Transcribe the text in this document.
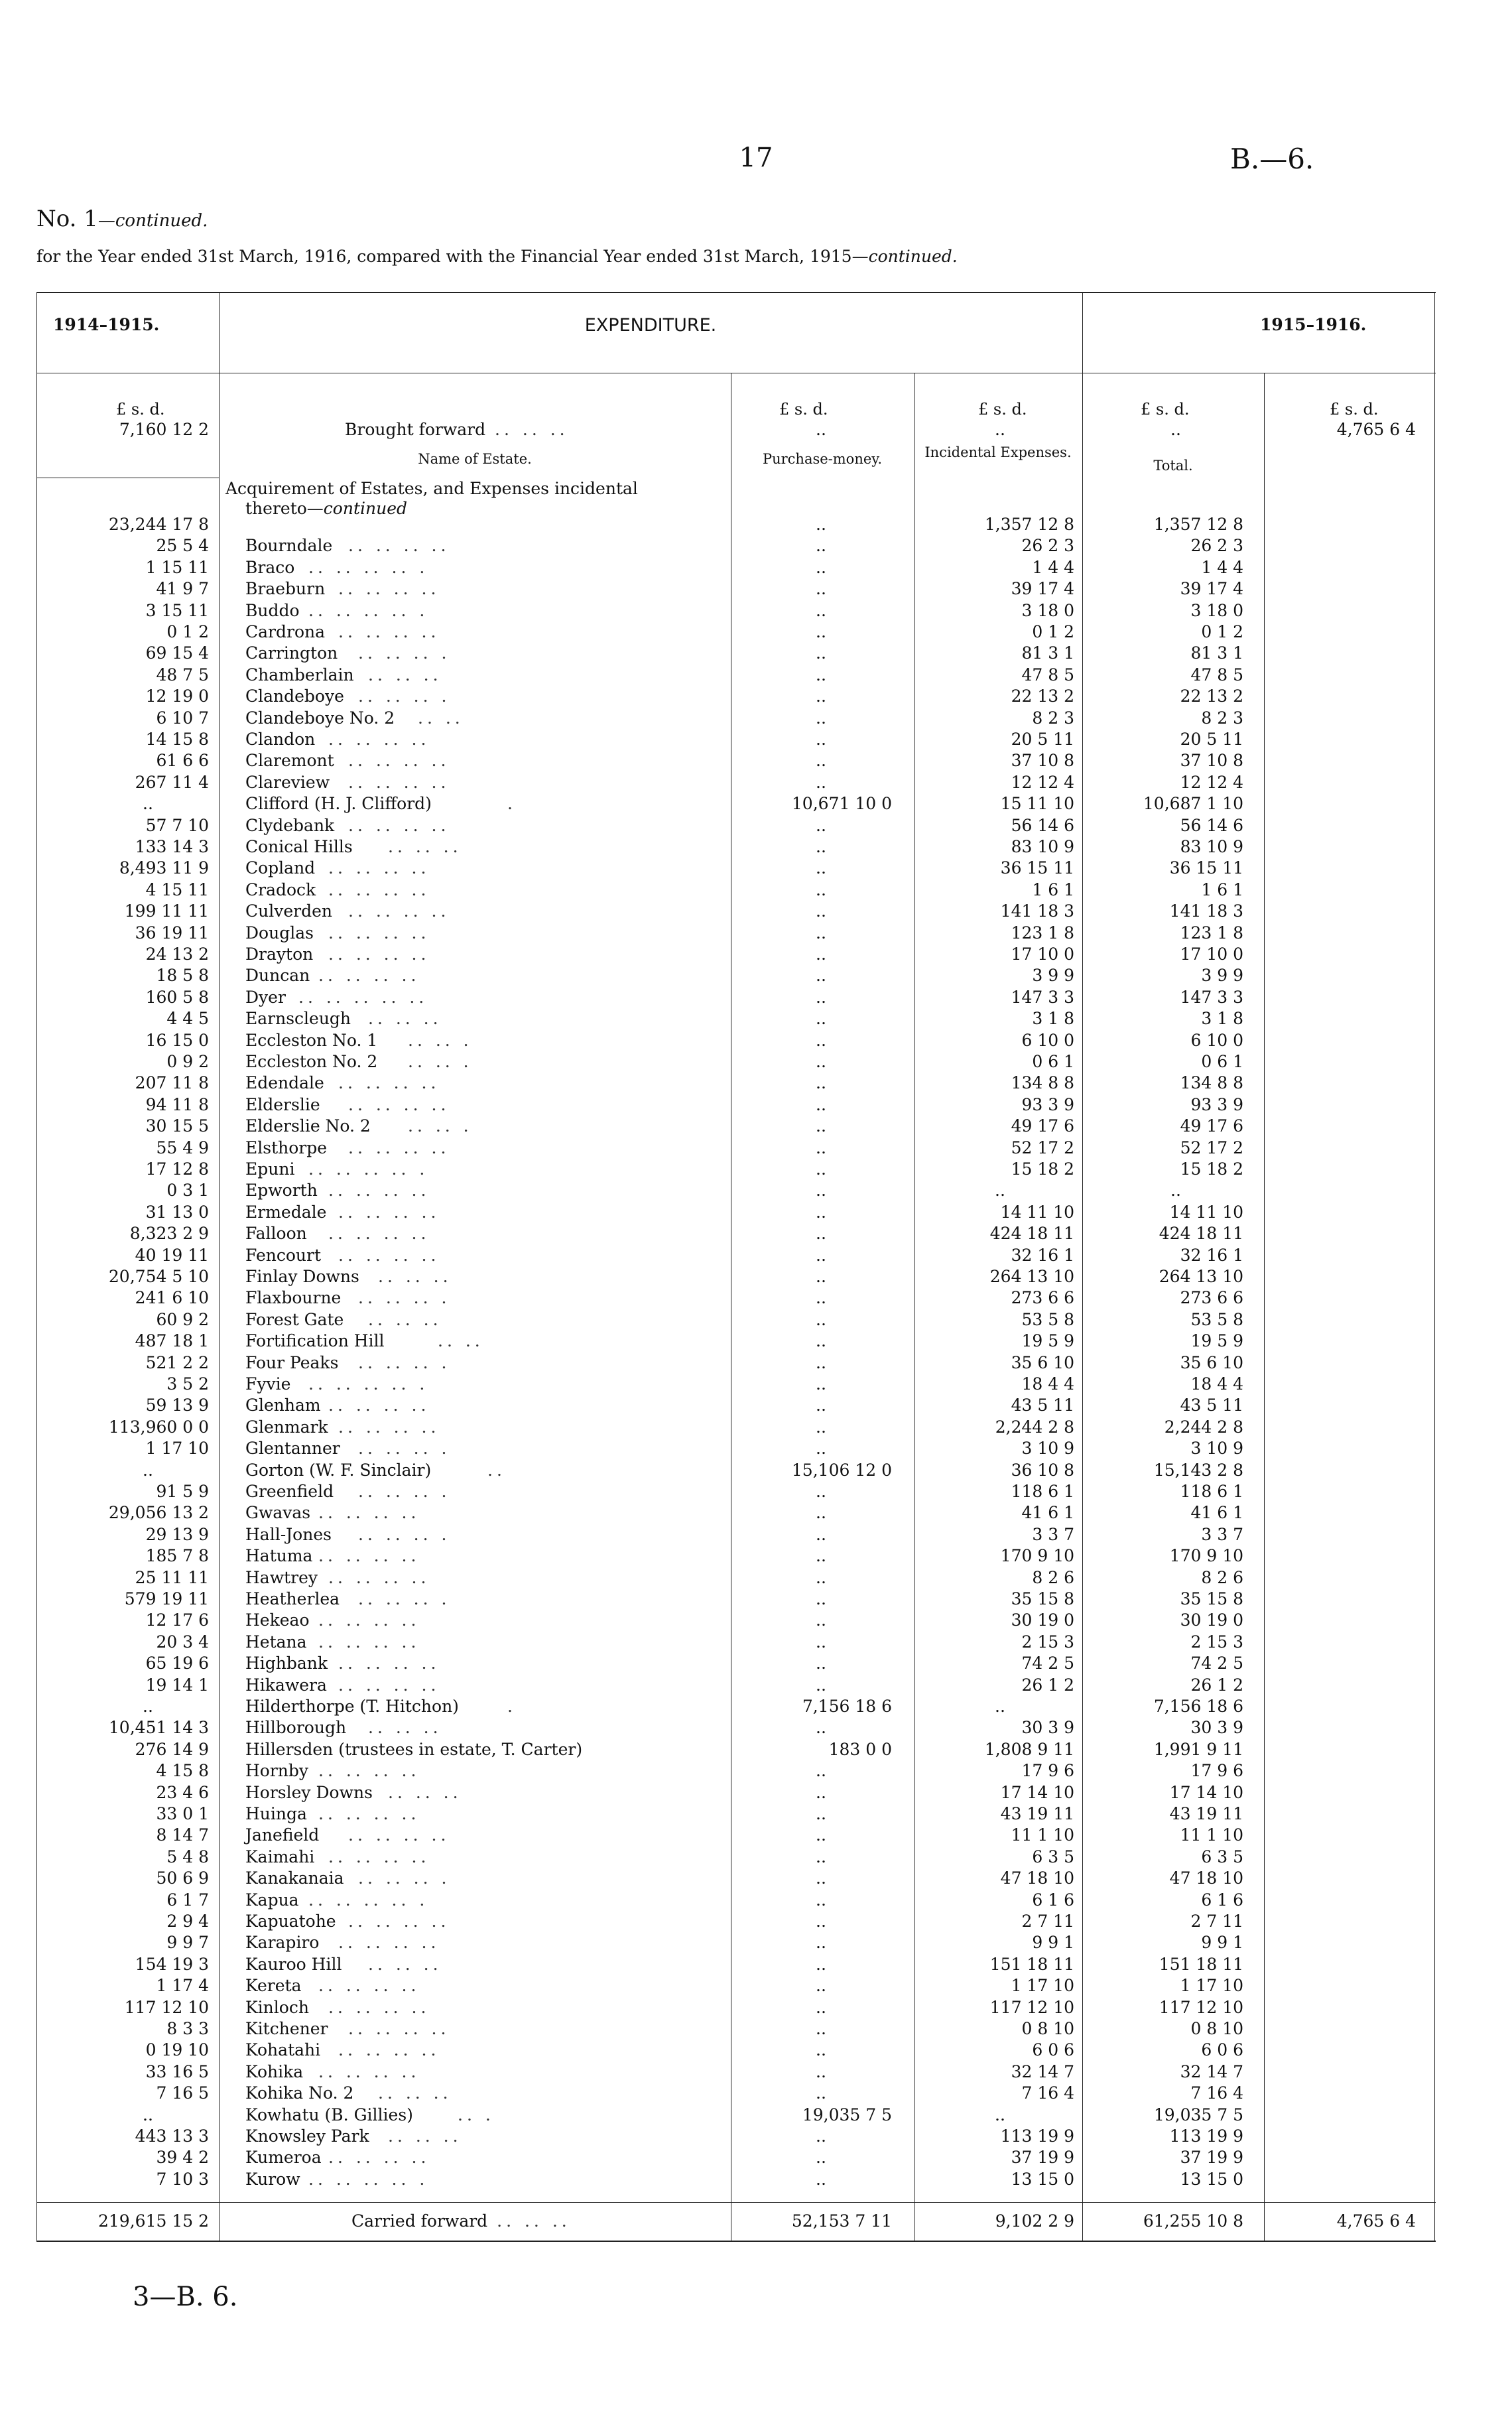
17	B.—6.
No. 1—continued.
for the Year ended 31st March, 1916, compared with the Financial Year ended 31st March, 1915—continued.
1914–1915.	EXPENDITURE.	1915–1916.
£ s. d.	£ s. d.	£ s. d.	£ s. d.	£ s. d.
7,160 12 2	Brought forward .. .. ..	..	..	..	4,765 6 4
Name of Estate.	Purchase-money.	Incidental Expenses.
Total.
Acquirement of Estates, and Expenses incidental
thereto—continued
23,244 17 8	..	1,357 12 8	1,357 12 8
25 5 4 Bourndale .. .. .. ..	..	26 2 3	26 2 3
1 15 11 Braco .. .. .. .. .	..	1 4 4	1 4 4
41 9 7 Braeburn .. .. .. ..	..	39 17 4	39 17 4
3 15 11 Buddo .. .. .. .. .	..	3 18 0	3 18 0
0 1 2 Cardrona .. .. .. ..	..	0 1 2	0 1 2
69 15 4 Carrington .. .. .. .	..	81 3 1	81 3 1
48 7 5 Chamberlain .. .. ..	..	47 8 5	47 8 5
12 19 0 Clandeboye .. .. .. .	..	22 13 2	22 13 2
6 10 7 Clandeboye No. 2 .. ..	..	8 2 3	8 2 3
14 15 8 Clandon .. .. .. ..	..	20 5 11	20 5 11
61 6 6 Claremont .. .. .. ..	..	37 10 8	37 10 8
267 11 4 Clareview .. .. .. ..	..	12 12 4	12 12 4
..	Clifford (H. J. Clifford)	.	10,671 10 0	15 11 10	10,687 1 10
57 7 10 Clydebank .. .. .. ..	..	56 14 6	56 14 6
133 14 3 Conical Hills .. .. ..	..	83 10 9	83 10 9
8,493 11 9 Copland .. .. .. ..	..	36 15 11	36 15 11
4 15 11 Cradock .. .. .. ..	..	1 6 1	1 6 1
199 11 11 Culverden .. .. .. ..	..	141 18 3	141 18 3
36 19 11 Douglas .. .. .. ..	..	123 1 8	123 1 8
24 13 2 Drayton .. .. .. ..	..	17 10 0	17 10 0
18 5 8 Duncan .. .. .. ..	..	3 9 9	3 9 9
160 5 8 Dyer .. .. .. .. ..	..	147 3 3	147 3 3
4 4 5 Earnscleugh .. .. ..	..	3 1 8	3 1 8
16 15 0 Eccleston No. 1 .. .. .	..	6 10 0	6 10 0
0 9 2 Eccleston No. 2 .. .. .	..	0 6 1	0 6 1
207 11 8 Edendale .. .. .. ..	..	134 8 8	134 8 8
94 11 8 Elderslie .. .. .. ..	..	93 3 9	93 3 9
30 15 5 Elderslie No. 2 .. .. .	..	49 17 6	49 17 6
55 4 9 Elsthorpe .. .. .. ..	..	52 17 2	52 17 2
17 12 8 Epuni .. .. .. .. .	..	15 18 2	15 18 2
0 3 1 Epworth .. .. .. ..	..	..	..
31 13 0 Ermedale .. .. .. ..	..	14 11 10	14 11 10
8,323 2 9 Falloon .. .. .. ..	..	424 18 11	424 18 11
40 19 11 Fencourt .. .. .. ..	..	32 16 1	32 16 1
20,754 5 10 Finlay Downs .. .. ..	..	264 13 10	264 13 10
241 6 10 Flaxbourne .. .. .. .	..	273 6 6	273 6 6
60 9 2 Forest Gate .. .. ..	..	53 5 8	53 5 8
487 18 1 Fortification Hill	.. ..	..	19 5 9	19 5 9
521 2 2 Four Peaks .. .. .. .	..	35 6 10	35 6 10
3 5 2 Fyvie .. .. .. .. .	..	18 4 4	18 4 4
59 13 9 Glenham .. .. .. ..	..	43 5 11	43 5 11
113,960 0 0 Glenmark .. .. .. ..	..	2,244 2 8	2,244 2 8
1 17 10 Glentanner .. .. .. .	..	3 10 9	3 10 9
..	Gorton (W. F. Sinclair)	..	15,106 12 0	36 10 8	15,143 2 8
91 5 9 Greenfield .. .. .. .	..	118 6 1	118 6 1
29,056 13 2 Gwavas .. .. .. ..	..	41 6 1	41 6 1
29 13 9 Hall-Jones .. .. .. .	..	3 3 7	3 3 7
185 7 8 Hatuma .. .. .. ..	..	170 9 10	170 9 10
25 11 11 Hawtrey .. .. .. ..	..	8 2 6	8 2 6
579 19 11 Heatherlea .. .. .. .	..	35 15 8	35 15 8
12 17 6 Hekeao .. .. .. ..	..	30 19 0	30 19 0
20 3 4 Hetana .. .. .. ..	..	2 15 3	2 15 3
65 19 6 Highbank .. .. .. ..	..	74 2 5	74 2 5
19 14 1 Hikawera .. .. .. ..	..	26 1 2	26 1 2
..	Hilderthorpe (T. Hitchon)	.	7,156 18 6	..	7,156 18 6
10,451 14 3 Hillborough .. .. ..	..	30 3 9	30 3 9
276 14 9 Hillersden (trustees in estate, T. Carter)	183 0 0	1,808 9 11	1,991 9 11
4 15 8 Hornby .. .. .. ..	..	17 9 6	17 9 6
23 4 6 Horsley Downs .. .. ..	..	17 14 10	17 14 10
33 0 1 Huinga .. .. .. ..	..	43 19 11	43 19 11
8 14 7 Janefield .. .. .. ..	..	11 1 10	11 1 10
5 4 8 Kaimahi .. .. .. ..	..	6 3 5	6 3 5
50 6 9 Kanakanaia .. .. .. .	..	47 18 10	47 18 10
6 1 7 Kapua .. .. .. .. .	..	6 1 6	6 1 6
2 9 4 Kapuatohe .. .. .. ..	..	2 7 11	2 7 11
9 9 7 Karapiro .. .. .. ..	..	9 9 1	9 9 1
154 19 3 Kauroo Hill .. .. ..	..	151 18 11	151 18 11
1 17 4 Kereta .. .. .. ..	..	1 17 10	1 17 10
117 12 10 Kinloch .. .. .. ..	..	117 12 10	117 12 10
8 3 3 Kitchener .. .. .. ..	..	0 8 10	0 8 10
0 19 10 Kohatahi .. .. .. ..	..	6 0 6	6 0 6
33 16 5 Kohika .. .. .. ..	..	32 14 7	32 14 7
7 16 5 Kohika No. 2 .. .. ..	..	7 16 4	7 16 4
..	Kowhatu (B. Gillies)	.. .	19,035 7 5	..	19,035 7 5
443 13 3 Knowsley Park .. .. ..	..	113 19 9	113 19 9
39 4 2 Kumeroa .. .. .. ..	..	37 19 9	37 19 9
7 10 3 Kurow .. .. .. .. .	..	13 15 0	13 15 0
219,615 15 2	Carried forward .. .. ..	52,153 7 11	9,102 2 9	61,255 10 8	4,765 6 4
3—B. 6.
